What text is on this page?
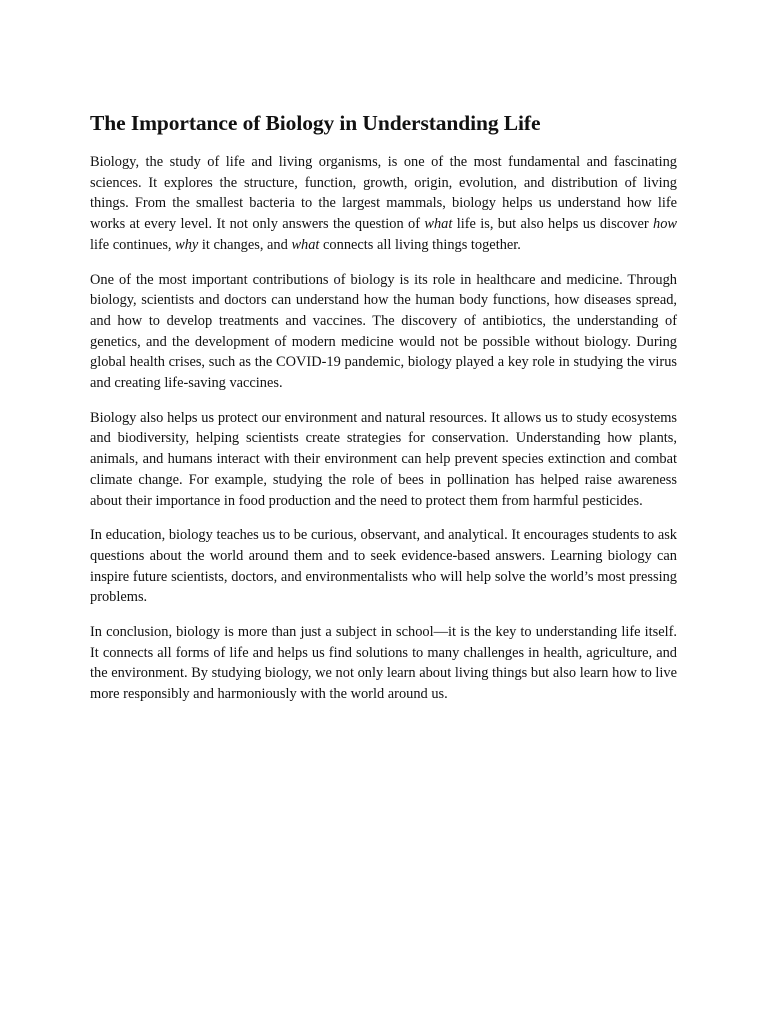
The Importance of Biology in Understanding Life

Biology, the study of life and living organisms, is one of the most fundamental and fascinating sciences. It explores the structure, function, growth, origin, evolution, and distribution of living things. From the smallest bacteria to the largest mammals, biology helps us understand how life works at every level. It not only answers the question of what life is, but also helps us discover how life continues, why it changes, and what connects all living things together.

One of the most important contributions of biology is its role in healthcare and medicine. Through biology, scientists and doctors can understand how the human body functions, how diseases spread, and how to develop treatments and vaccines. The discovery of antibiotics, the understanding of genetics, and the development of modern medicine would not be possible without biology. During global health crises, such as the COVID-19 pandemic, biology played a key role in studying the virus and creating life-saving vaccines.

Biology also helps us protect our environment and natural resources. It allows us to study ecosystems and biodiversity, helping scientists create strategies for conservation. Understanding how plants, animals, and humans interact with their environment can help prevent species extinction and combat climate change. For example, studying the role of bees in pollination has helped raise awareness about their importance in food production and the need to protect them from harmful pesticides.

In education, biology teaches us to be curious, observant, and analytical. It encourages students to ask questions about the world around them and to seek evidence-based answers. Learning biology can inspire future scientists, doctors, and environmentalists who will help solve the world’s most pressing problems.

In conclusion, biology is more than just a subject in school—it is the key to understanding life itself. It connects all forms of life and helps us find solutions to many challenges in health, agriculture, and the environment. By studying biology, we not only learn about living things but also learn how to live more responsibly and harmoniously with the world around us.
